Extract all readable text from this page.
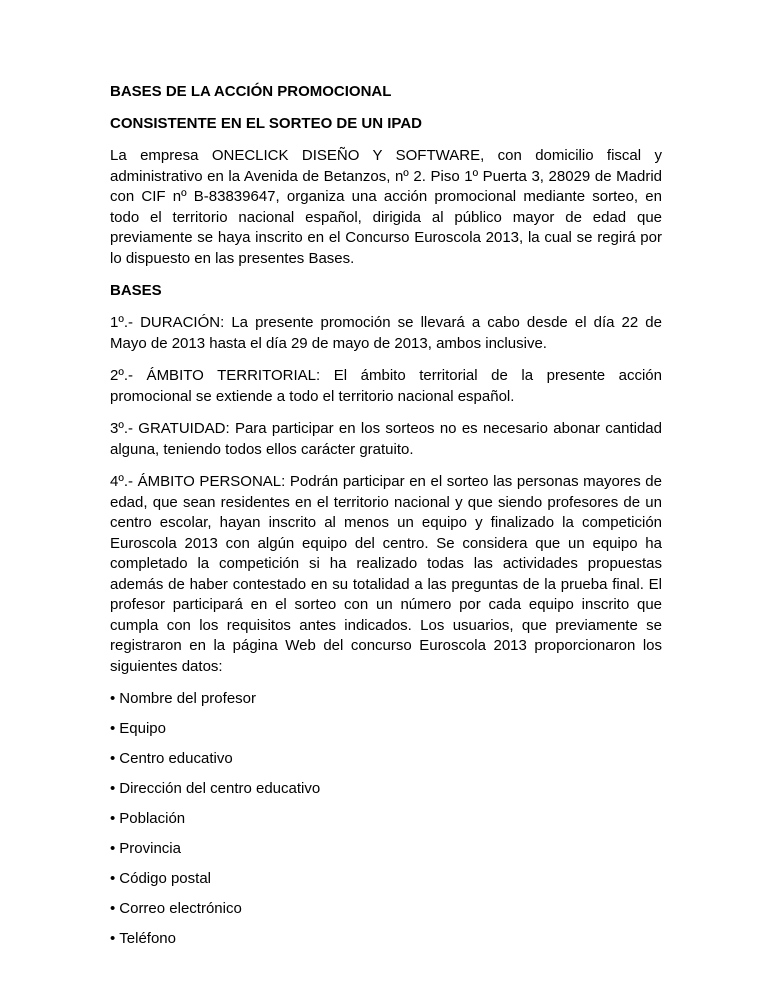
BASES DE LA ACCIÓN PROMOCIONAL
CONSISTENTE EN EL SORTEO DE UN IPAD

La empresa ONECLICK DISEÑO Y SOFTWARE, con domicilio fiscal y administrativo en la Avenida de Betanzos, nº 2. Piso 1º Puerta 3, 28029 de Madrid con CIF nº B-83839647, organiza una acción promocional mediante sorteo, en todo el territorio nacional español, dirigida al público mayor de edad que previamente se haya inscrito en el Concurso Euroscola 2013, la cual se regirá por lo dispuesto en las presentes Bases.

BASES

1º.- DURACIÓN: La presente promoción se llevará a cabo desde el día 22 de Mayo de 2013 hasta el día 29 de mayo de 2013, ambos inclusive.

2º.- ÁMBITO TERRITORIAL: El ámbito territorial de la presente acción promocional se extiende a todo el territorio nacional español.

3º.- GRATUIDAD: Para participar en los sorteos no es necesario abonar cantidad alguna, teniendo todos ellos carácter gratuito.

4º.- ÁMBITO PERSONAL: Podrán participar en el sorteo las personas mayores de edad, que sean residentes en el territorio nacional y que siendo profesores de un centro escolar, hayan inscrito al menos un equipo y finalizado la competición Euroscola 2013 con algún equipo del centro. Se considera que un equipo ha completado la competición si ha realizado todas las actividades propuestas además de haber contestado en su totalidad a las preguntas de la prueba final. El profesor participará en el sorteo con un número por cada equipo inscrito que cumpla con los requisitos antes indicados. Los usuarios, que previamente se registraron en la página Web del concurso Euroscola 2013 proporcionaron los siguientes datos:

• Nombre del profesor
• Equipo
• Centro educativo
• Dirección del centro educativo
• Población
• Provincia
• Código postal
• Correo electrónico
• Teléfono
